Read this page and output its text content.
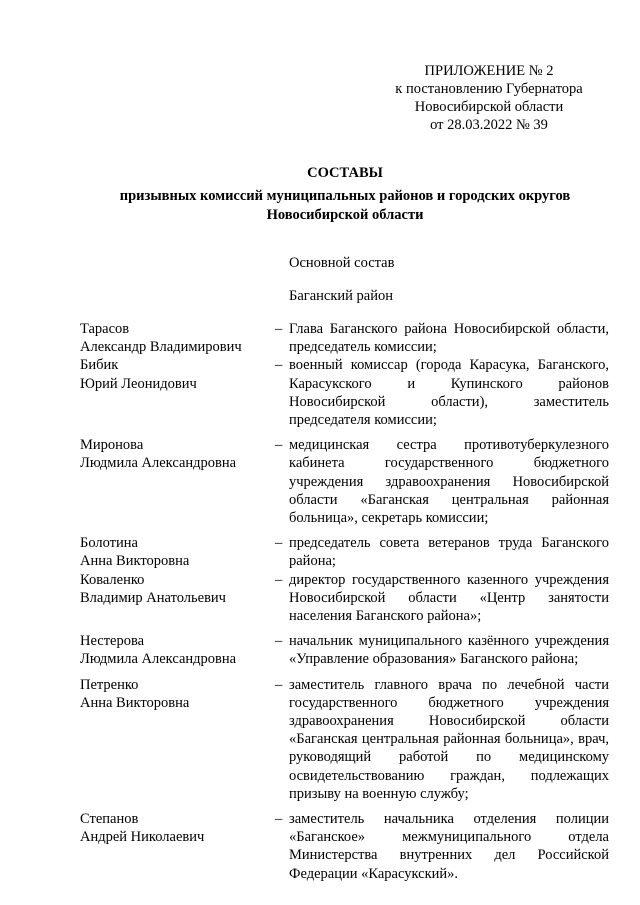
ПРИЛОЖЕНИЕ № 2
к постановлению Губернатора
Новосибирской области
от 28.03.2022 № 39
СОСТАВЫ
призывных комиссий муниципальных районов и городских округов
Новосибирской области
Основной состав
Баганский район
Тарасов
Александр Владимирович
– Глава Баганского района Новосибирской области, председатель комиссии;
Бибик
Юрий Леонидович
– военный комиссар (города Карасука, Баганского, Карасукского и Купинского районов Новосибирской области), заместитель председателя комиссии;
Миронова
Людмила Александровна
– медицинская сестра противотуберкулезного кабинета государственного бюджетного учреждения здравоохранения Новосибирской области «Баганская центральная районная больница», секретарь комиссии;
Болотина
Анна Викторовна
– председатель совета ветеранов труда Баганского района;
Коваленко
Владимир Анатольевич
– директор государственного казенного учреждения Новосибирской области «Центр занятости населения Баганского района»;
Нестерова
Людмила Александровна
– начальник муниципального казённого учреждения «Управление образования» Баганского района;
Петренко
Анна Викторовна
– заместитель главного врача по лечебной части государственного бюджетного учреждения здравоохранения Новосибирской области «Баганская центральная районная больница», врач, руководящий работой по медицинскому освидетельствованию граждан, подлежащих призыву на военную службу;
Степанов
Андрей Николаевич
– заместитель начальника отделения полиции «Баганское» межмуниципального отдела Министерства внутренних дел Российской Федерации «Карасукский».
